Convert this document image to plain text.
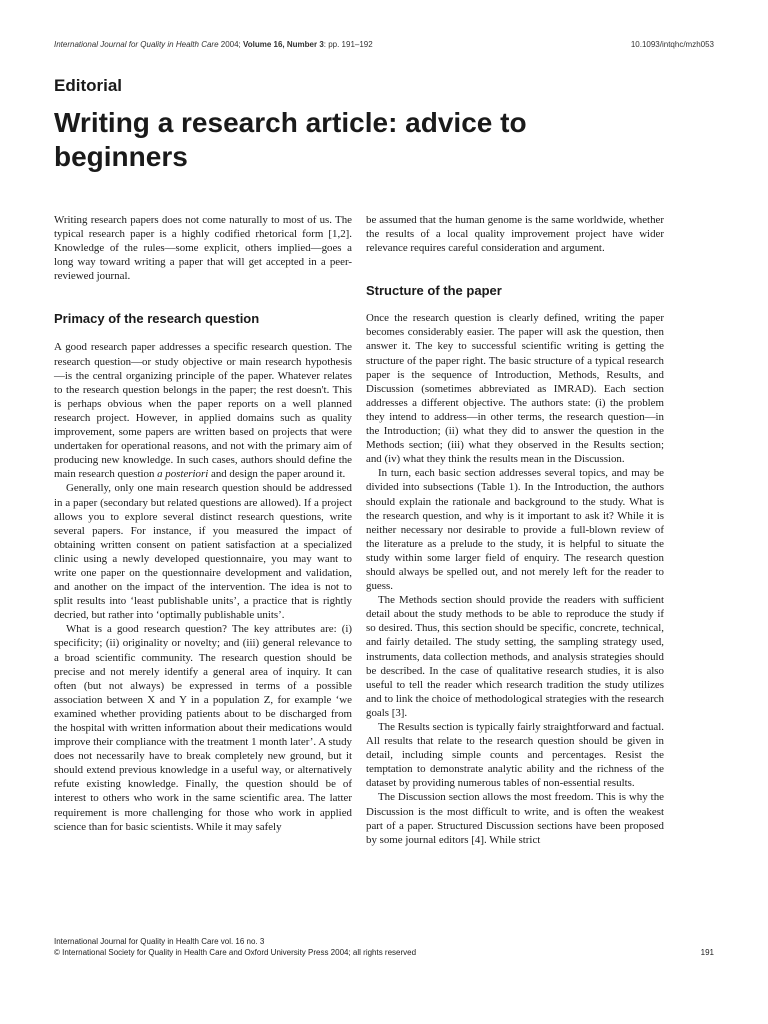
International Journal for Quality in Health Care 2004; Volume 16, Number 3: pp. 191–192	10.1093/intqhc/mzh053
Editorial
Writing a research article: advice to beginners

Writing research papers does not come naturally to most of us. The typical research paper is a highly codified rhetorical form [1,2]. Knowledge of the rules—some explicit, others implied—goes a long way toward writing a paper that will get accepted in a peer-reviewed journal.

Primacy of the research question

A good research paper addresses a specific research question. The research question—or study objective or main research hypothesis—is the central organizing principle of the paper. Whatever relates to the research question belongs in the paper; the rest doesn't. This is perhaps obvious when the paper reports on a well planned research project. However, in applied domains such as quality improvement, some papers are written based on projects that were undertaken for operational reasons, and not with the primary aim of producing new knowledge. In such cases, authors should define the main research question a posteriori and design the paper around it.

Generally, only one main research question should be addressed in a paper (secondary but related questions are allowed). If a project allows you to explore several distinct research questions, write several papers. For instance, if you measured the impact of obtaining written consent on patient satisfaction at a specialized clinic using a newly developed questionnaire, you may want to write one paper on the questionnaire development and validation, and another on the impact of the intervention. The idea is not to split results into ‘least publishable units’, a practice that is rightly decried, but rather into ‘optimally publishable units’.

What is a good research question? The key attributes are: (i) specificity; (ii) originality or novelty; and (iii) general relevance to a broad scientific community. The research question should be precise and not merely identify a general area of inquiry. It can often (but not always) be expressed in terms of a possible association between X and Y in a population Z, for example ‘we examined whether providing patients about to be discharged from the hospital with written information about their medications would improve their compliance with the treatment 1 month later’. A study does not necessarily have to break completely new ground, but it should extend previous knowledge in a useful way, or alternatively refute existing knowledge. Finally, the question should be of interest to others who work in the same scientific area. The latter requirement is more challenging for those who work in applied science than for basic scientists. While it may safely

be assumed that the human genome is the same worldwide, whether the results of a local quality improvement project have wider relevance requires careful consideration and argument.

Structure of the paper

Once the research question is clearly defined, writing the paper becomes considerably easier. The paper will ask the question, then answer it. The key to successful scientific writing is getting the structure of the paper right. The basic structure of a typical research paper is the sequence of Introduction, Methods, Results, and Discussion (sometimes abbreviated as IMRAD). Each section addresses a different objective. The authors state: (i) the problem they intend to address—in other terms, the research question—in the Introduction; (ii) what they did to answer the question in the Methods section; (iii) what they observed in the Results section; and (iv) what they think the results mean in the Discussion.

In turn, each basic section addresses several topics, and may be divided into subsections (Table 1). In the Introduction, the authors should explain the rationale and background to the study. What is the research question, and why is it important to ask it? While it is neither necessary nor desirable to provide a full-blown review of the literature as a prelude to the study, it is helpful to situate the study within some larger field of enquiry. The research question should always be spelled out, and not merely left for the reader to guess.

The Methods section should provide the readers with sufficient detail about the study methods to be able to reproduce the study if so desired. Thus, this section should be specific, concrete, technical, and fairly detailed. The study setting, the sampling strategy used, instruments, data collection methods, and analysis strategies should be described. In the case of qualitative research studies, it is also useful to tell the reader which research tradition the study utilizes and to link the choice of methodological strategies with the research goals [3].

The Results section is typically fairly straightforward and factual. All results that relate to the research question should be given in detail, including simple counts and percentages. Resist the temptation to demonstrate analytic ability and the richness of the dataset by providing numerous tables of non-essential results.

The Discussion section allows the most freedom. This is why the Discussion is the most difficult to write, and is often the weakest part of a paper. Structured Discussion sections have been proposed by some journal editors [4]. While strict

International Journal for Quality in Health Care vol. 16 no. 3
© International Society for Quality in Health Care and Oxford University Press 2004; all rights reserved	191
